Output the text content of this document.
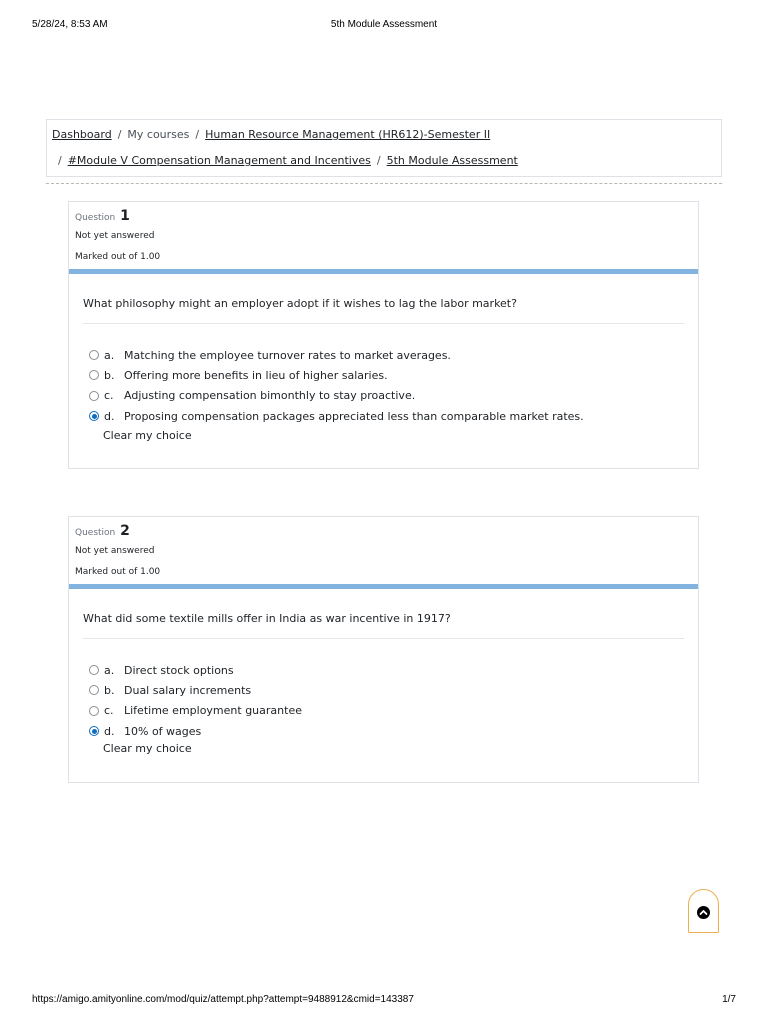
5/28/24, 8:53 AM	5th Module Assessment
Dashboard / My courses / Human Resource Management (HR612)-Semester II
/ #Module V Compensation Management and Incentives / 5th Module Assessment
Question 1
Not yet answered
Marked out of 1.00
What philosophy might an employer adopt if it wishes to lag the labor market?
a. Matching the employee turnover rates to market averages.
b. Offering more benefits in lieu of higher salaries.
c. Adjusting compensation bimonthly to stay proactive.
d. Proposing compensation packages appreciated less than comparable market rates.
Clear my choice
Question 2
Not yet answered
Marked out of 1.00
What did some textile mills offer in India as war incentive in 1917?
a. Direct stock options
b. Dual salary increments
c. Lifetime employment guarantee
d. 10% of wages
Clear my choice
https://amigo.amityonline.com/mod/quiz/attempt.php?attempt=9488912&cmid=143387	1/7
